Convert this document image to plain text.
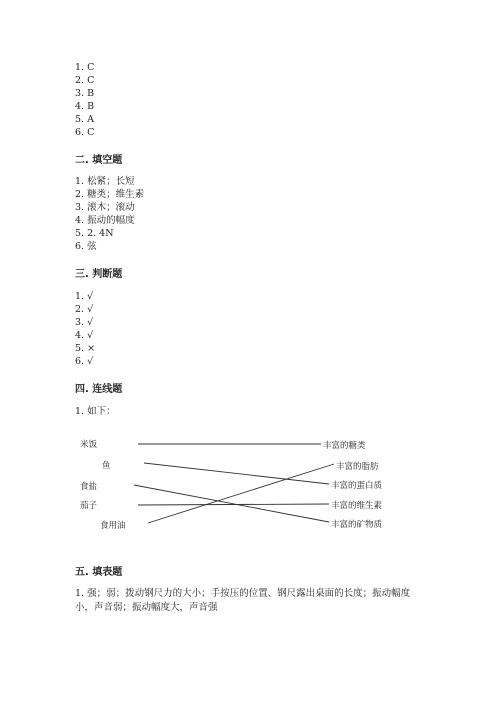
1. C
2. C
3. B
4. B
5. A
6. C
二. 填空题
1. 松紧；长短
2. 糖类；维生素
3. 滚木；滚动
4. 振动的幅度
5. 2. 4N
6. 弦
三. 判断题
1. √
2. √
3. √
4. √
5. ×
6. √
四. 连线题
1. 如下：
米饭
鱼
食盐
茄子
食用油
丰富的糖类
丰富的脂肪
丰富的蛋白质
丰富的维生素
丰富的矿物质
五. 填表题
1. 强；弱；拨动钢尺力的大小；手按压的位置、钢尺露出桌面的长度；振动幅度小，声音弱；振动幅度大，声音强
